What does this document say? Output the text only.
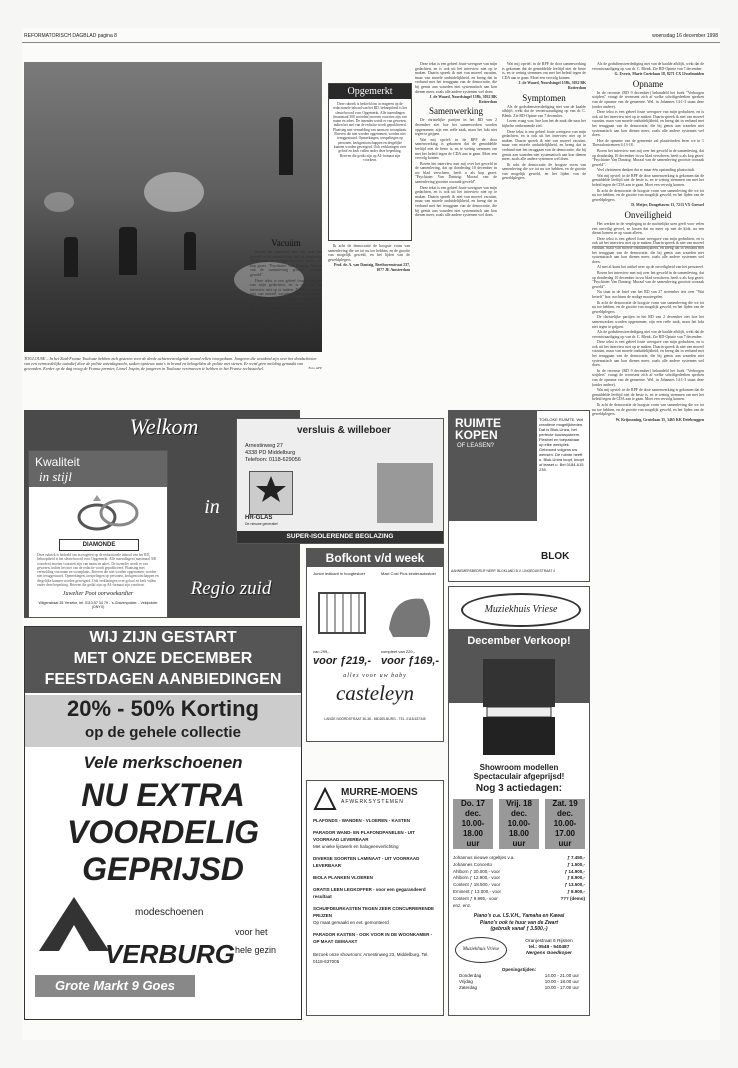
REFORMATORISCH DAGBLAD pagina 8	woensdag 16 december 1998
TOULOUSE – In het Zuid-Franse Toulouse hebben zich gisteren voor de derde achtereenvolgende avond rellen voorgedaan. Jongeren die woedend zijn over het doodschieten van een vermoedelijke autodief door de politie zaterdagnacht, staken opnieuw auto's in brand en bekogelden de politie met stenen. Er werd geen melding gemaakt van gewonden. Eerder op de dag vroeg de Franse premier, Lionel Jospin, de jongeren in Toulouse vertrouwen te hebben in het Franse rechtsstelsel.	Foto AFP
Opgemerkt
Deze rubriek is bedoeld om in reageren op de redactionele inhoud van het RD, beknoptheid is het sleutelwoord voor Opgemerkt. Alle inzendingen (maximaal 300 woorden) moeten voorzien zijn van naam en adres. De inzender wordt er van gewezen, indien het niet van de redactie wordt gepubliceerd. Plaatsing met vermelding van naam en woonplaats. Brieven die niet worden opgenomen, worden niet teruggestuurd. Opmerkingen, toespelingen op personen, kerkgenootschappen en dergelijke kunnen worden geweigerd. Ook verklaringen over geloof en kerk vallen onder deze beperking. Brieven die getikt zijn op A4-formaat zijn voorkeur.
Vacuüm

Boven het interview met mij over het geweld in de samenleving, dat op donderdag 10 december in uw blad verscheen, heeft u als kop gezet: "Psychiater Van Dantzig: Moraal van de samenleving grootste oorzaak geweld".

Deze tekst is een geheel foute weergave van mijn gedachten, en is ook uit het interview niet op te maken. Daarin spreek ik niet van moreel vacuüm, maar van morele onduidelijkheid, en breng dat in verband met het teruggaan van de democratie, die bij gemis aan waarden niet systematisch aan kon dienen meer, zoals alle andere systemen wel doen.

Ik acht de democratie de hoogste vorm van samenleving die we tot nu toe hebben, en de grootte van mogelijk geweld, en het lijden van de geweldplegers.

Ik acht de democratie de hoogste vorm van samenleving die we tot nu toe hebben, en de grootte van mogelijk geweld, en het lijden van de geweldplegers.

Prof. dr. A. van Dantzig, Beethovenstraat 237, 1077 JE Amsterdam

Deze tekst is een geheel foute weergave van mijn gedachten, en is ook uit het interview niet op te maken. Daarin spreek ik niet van moreel vacuüm, maar van morele onduidelijkheid, en breng dat in verband met het teruggaan van de democratie, die bij gemis aan waarden niet systematisch aan kon dienen meer, zoals alle andere systemen wel doen.

J. de Waard, Noordsingel 158b, 3032 BK Rotterdam

Samenwerking

De christelijke partijen in het RD van 2 december ziet hoe het samenwerken worden opgenomen; zijn een reële zaak, maar het lokt niet tegen te grijpen.

Wat mij opviel: in de RPF de door samenwerking is gekomen dat de gemiddelde leeftijd niet de beste is, en te weinig stemmen om met het beleid tegen de CDA aan te gaan. Moet een vervolg komen.

Boven het interview met mij over het geweld in de samenleving, dat op donderdag 10 december in uw blad verscheen, heeft u als kop gezet: "Psychiater Van Dantzig: Moraal van de samenleving grootste oorzaak geweld".

Deze tekst is een geheel foute weergave van mijn gedachten, en is ook uit het interview niet op te maken. Daarin spreek ik niet van moreel vacuüm, maar van morele onduidelijkheid, en breng dat in verband met het teruggaan van de democratie, die bij gemis aan waarden niet systematisch aan kon dienen meer, zoals alle andere systemen wel doen.

Wat mij opviel: in de RPF de door samenwerking is gekomen dat de gemiddelde leeftijd niet de beste is, en te weinig stemmen om met het beleid tegen de CDA aan te gaan. Moet een vervolg komen.

J. de Waard, Noordsingel 158b, 3032 BK Rotterdam

Symptomen

Als de godsdienstverdediging niet van de kaalde afblijft, wekt dat de verontwaardiging op van dr. C. Blenk. Zie RD-Opinie van 7 december.

Lezen vraag was: hoe kan het de zaak die naar het bijbelse ontkennende ziel.

Deze tekst is een geheel foute weergave van mijn gedachten, en is ook uit het interview niet op te maken. Daarin spreek ik niet van moreel vacuüm, maar van morele onduidelijkheid, en breng dat in verband met het teruggaan van de democratie, die bij gemis aan waarden niet systematisch aan kon dienen meer, zoals alle andere systemen wel doen.

Ik acht de democratie de hoogste vorm van samenleving die we tot nu toe hebben, en de grootte van mogelijk geweld, en het lijden van de geweldplegers.

Als de godsdienstverdediging niet van de kaalde afblijft, wekt dat de verontwaardiging op van dr. C. Blenk. Zie RD-Opinie van 7 december.

G. Everts, Marie Curielaan 18, 8271 CX IJsselmuiden

Opname

In de recensie (RD 9 december) behandeld het boek "Verborgen strijders" vraagt de recensent zich af welke schriftgedeelten spreken van de opname van de gemeente. Wel, in Johannes 14:1-3 staan deze (onder andere).

Deze tekst is een geheel foute weergave van mijn gedachten, en is ook uit het interview niet op te maken. Daarin spreek ik niet van moreel vacuüm, maar van morele onduidelijkheid, en breng dat in verband met het teruggaan van de democratie, die bij gemis aan waarden niet systematisch aan kon dienen meer, zoals alle andere systemen wel doen.

Hoe de opname van de gemeente zal plaatsvinden leren we in 1 Thessalonicenzen 4:13-18.

Boven het interview met mij over het geweld in de samenleving, dat op donderdag 10 december in uw blad verscheen, heeft u als kop gezet: "Psychiater Van Dantzig: Moraal van de samenleving grootste oorzaak geweld".

Veel christenen denken dat er maar één opstanding plaatsvindt.

Wat mij opviel: in de RPF de door samenwerking is gekomen dat de gemiddelde leeftijd niet de beste is, en te weinig stemmen om met het beleid tegen de CDA aan te gaan. Moet een vervolg komen.

Ik acht de democratie de hoogste vorm van samenleving die we tot nu toe hebben, en de grootte van mogelijk geweld, en het lijden van de geweldplegers.

D. Meijer, Dongehaven 13, 7213 VX Gorssel

Onveiligheid

Het werken in de verpleging in de nachtelijke uren geeft voor velen een onveilig gevoel, ze lossen dat nu meer op met de klok, na een dienst komen ze op straat alleen.

Deze tekst is een geheel foute weergave van mijn gedachten, en is ook uit het interview niet op te maken. Daarin spreek ik niet van moreel vacuüm, maar van morele onduidelijkheid, en breng dat in verband met het teruggaan van de democratie, die bij gemis aan waarden niet systematisch aan kon dienen meer, zoals alle andere systemen wel doen.

Al met al komt het artikel neer op de onveiligheid van het personeel.

Boven het interview met mij over het geweld in de samenleving, dat op donderdag 10 december in uw blad verscheen, heeft u als kop gezet: "Psychiater Van Dantzig: Moraal van de samenleving grootste oorzaak geweld".

Nu staat in de brief van het RD van 27 november iets over "Wat betreft" hoe, nochtans de nodige maatregelen.

Ik acht de democratie de hoogste vorm van samenleving die we tot nu toe hebben, en de grootte van mogelijk geweld, en het lijden van de geweldplegers.

De christelijke partijen in het RD van 2 december ziet hoe het samenwerken worden opgenomen; zijn een reële zaak, maar het lokt niet tegen te grijpen.

Als de godsdienstverdediging niet van de kaalde afblijft, wekt dat de verontwaardiging op van dr. C. Blenk. Zie RD-Opinie van 7 december.

Deze tekst is een geheel foute weergave van mijn gedachten, en is ook uit het interview niet op te maken. Daarin spreek ik niet van moreel vacuüm, maar van morele onduidelijkheid, en breng dat in verband met het teruggaan van de democratie, die bij gemis aan waarden niet systematisch aan kon dienen meer, zoals alle andere systemen wel doen.

In de recensie (RD 9 december) behandeld het boek "Verborgen strijders" vraagt de recensent zich af welke schriftgedeelten spreken van de opname van de gemeente. Wel, in Johannes 14:1-3 staan deze (onder andere).

Wat mij opviel: in de RPF de door samenwerking is gekomen dat de gemiddelde leeftijd niet de beste is, en te weinig stemmen om met het beleid tegen de CDA aan te gaan. Moet een vervolg komen.

Ik acht de democratie de hoogste vorm van samenleving die we tot nu toe hebben, en de grootte van mogelijk geweld, en het lijden van de geweldplegers.

W. Krijnsoning, Grutelaan 35, 3465 KK Driebruggen

Welkom
in
Regio zuid
Kwaliteit
in stijl
DIAMONDE
Deze rubriek is bedoeld om in reageren op de redactionele inhoud van het RD, beknoptheid is het sleutelwoord voor Opgemerkt. Alle inzendingen (maximaal 300 woorden) moeten voorzien zijn van naam en adres. De inzender wordt er van gewezen, indien het niet van de redactie wordt gepubliceerd. Plaatsing met vermelding van naam en woonplaats. Brieven die niet worden opgenomen, worden niet teruggestuurd. Opmerkingen, toespelingen op personen, kerkgenootschappen en dergelijke kunnen worden geweigerd. Ook verklaringen over geloof en kerk vallen onder deze beperking. Brieven die getikt zijn op A4-formaat zijn voorkeur.
Juwelier Poot oorwoekardier
Wilgenstraat 35 Yerseke, tel. 0113-57 34 79 - 's-Gravenpolder. - Veldpolder (ONYX)
versluis & willeboer
Arnestinweg 27
4338 PD Middelburg
Telefoon: 0118-629056
HR-GLAS
De nieuwe generatie!
SUPER-ISOLERENDE BEGLAZING
RUIMTE
KOPEN
OF LEASEN?
TOELOKE RUIMTE. Wel creatieve mogelijkheden. Dat is Blok-Unira, het perfecte bouwsysteem. Flexibel en toepasbaar op elke werkplek. Gebouwd volgens uw wensen. De ruimte heeft u. Blok-Unira loopt, koopt of leaset u. Bel 0184-615 235.
BLOK
AANNEMERSBEDRIJF NERP. BLOKLAND B.V. LINGEDIJKSTRAAT 4
WIJ ZIJN GESTART
MET ONZE DECEMBER
FEESTDAGEN AANBIEDINGEN
20% - 50% Korting
op de gehele collectie
Vele merkschoenen
NU EXTRA
VOORDELIG
GEPRIJSD
modeschoenen
voor het
VERBURG hele gezin
Grote Markt 9 Goes
Bofkont v/d week
Junior ledikant in hoogtesloer	Maxi Cosi Plus kinderautostoel
van 299,-
voor ƒ219,-
compleet van 229,-
voor ƒ169,-
alles voor uw baby
casteleyn
LANGE NOORDSTRAAT 36-38 - MIDDELBURG - TEL. 0118-637345
MURRE-MOENS
AFWERKSYSTEMEN
PLAFONDS - WANDEN - VLOEREN - KASTEN
PARADOR WAND- EN PLAFONDPANELEN - UIT VOORRAAD LEVERBAAR
Met unieke lijstwerk en halogeenverlichting
DIVERSE SOORTEN LAMINAAT - UIT VOORRAAD LEVERBAAR
BIOLA PLANKEN VLOEREN
GRATIS LEEN LEGKOFFER - voor een gegarandeerd resultaat
SCHUIFDEURKASTEN TEGEN ZEER CONCURRERENDE PRIJZEN
Op maat gemaakt en evt. gemonteerd
PARADOR KASTEN - OOK VOOR IN DE WOONKAMER - OP MAAT GEMAAKT
Bezoek onze showroom: Arnestinweg 23, Middelburg. Tel. 0118-637005
Muziekhuis Vriese
December Verkoop!
Showroom modellen
Spectaculair afgeprijsd!
Nog 3 actiedagen:
Do. 17
dec.
10.00-
18.00
uur
Vrij. 18
dec.
10.00-
18.00
uur
Zat. 19
dec.
10.00-
17.00
uur
Johannus nieuwe orgeltjes v.a.	ƒ 7.450,-
Johannes Concerto	ƒ 1.500,-
Ahlborn ƒ 20.000,- voor	ƒ 14.900,-
Ahlborn ƒ 12.900,- voor	ƒ 8.900,-
Content ƒ 18.500,- voor	ƒ 13.500,-
Eminent ƒ 13.000,- voor	ƒ 8.900,-
Content ƒ 9.995,- voor	??? (demo)
enz. enz.
Piano's o.a. I.S.V.H., Yamaha en Kawai
Piano's ook te huur van de Zwart
(gebruik vanaf ƒ 3.500,-)
Muziekhuis Vriese
Oranjestraat 6 Rijssen
tel.: 0548 - 540487
Nergens Goedkoper
Openingstijden:
Donderdag	14.00 - 21.00 uur
Vrijdag	10.00 - 18.00 uur
Zaterdag	10.00 - 17.00 uur
